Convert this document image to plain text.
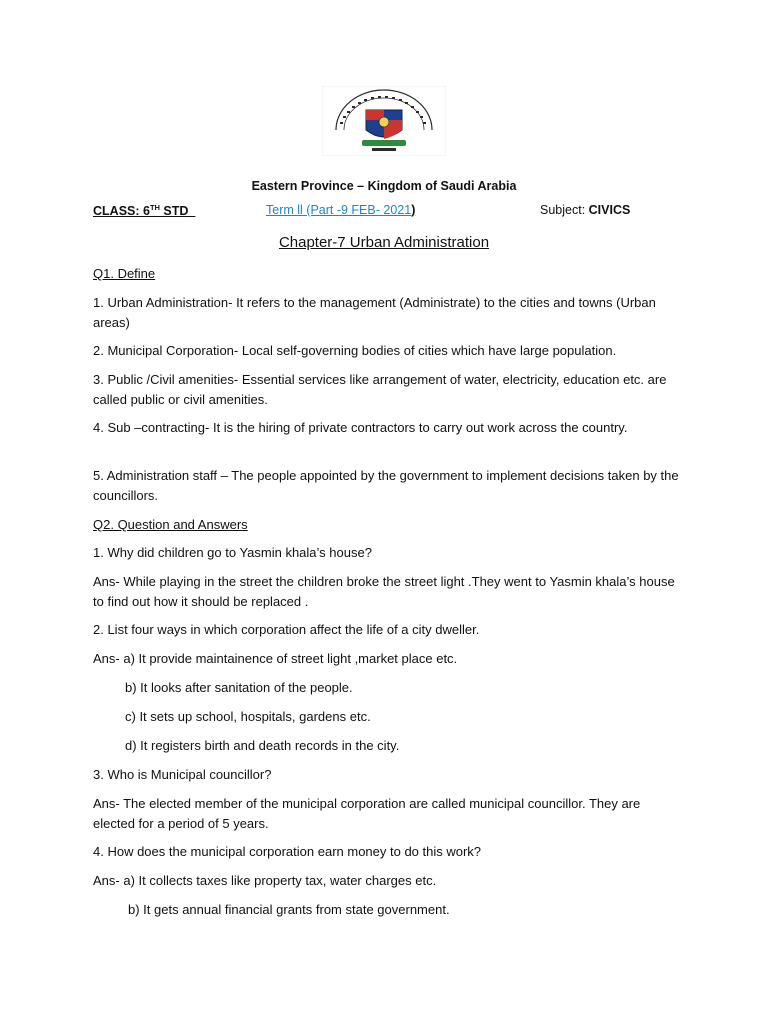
Eastern Province – Kingdom of Saudi Arabia
CLASS: 6TH STD	Term ll (Part -9 FEB- 2021)	Subject: CIVICS
Chapter-7 Urban Administration
Q1. Define
1. Urban Administration- It refers to the management (Administrate) to the cities and towns (Urban areas)
2. Municipal Corporation- Local self-governing bodies of cities which have large population.
3. Public /Civil amenities- Essential services like arrangement of water, electricity, education etc. are called public or civil amenities.
4. Sub –contracting- It is the hiring of private contractors to carry out work across the country.
5. Administration staff – The people appointed by the government to implement decisions taken by the councillors.
Q2. Question and Answers
1. Why did children go to Yasmin khala’s house?
Ans- While playing in the street the children broke the street light .They went to Yasmin khala’s house to find out how it should be replaced .
2. List four ways in which corporation affect the life of a city dweller.
Ans- a) It provide maintainence of street light ,market place etc.
b) It looks after sanitation of the people.
c) It sets up school, hospitals, gardens etc.
d) It registers birth and death records in the city.
3. Who is Municipal councillor?
Ans- The elected member of the municipal corporation are called municipal councillor. They are elected for a period of 5 years.
4. How does the municipal corporation earn money to do this work?
Ans- a) It collects taxes like property tax, water charges etc.
b) It gets annual financial grants from state government.
